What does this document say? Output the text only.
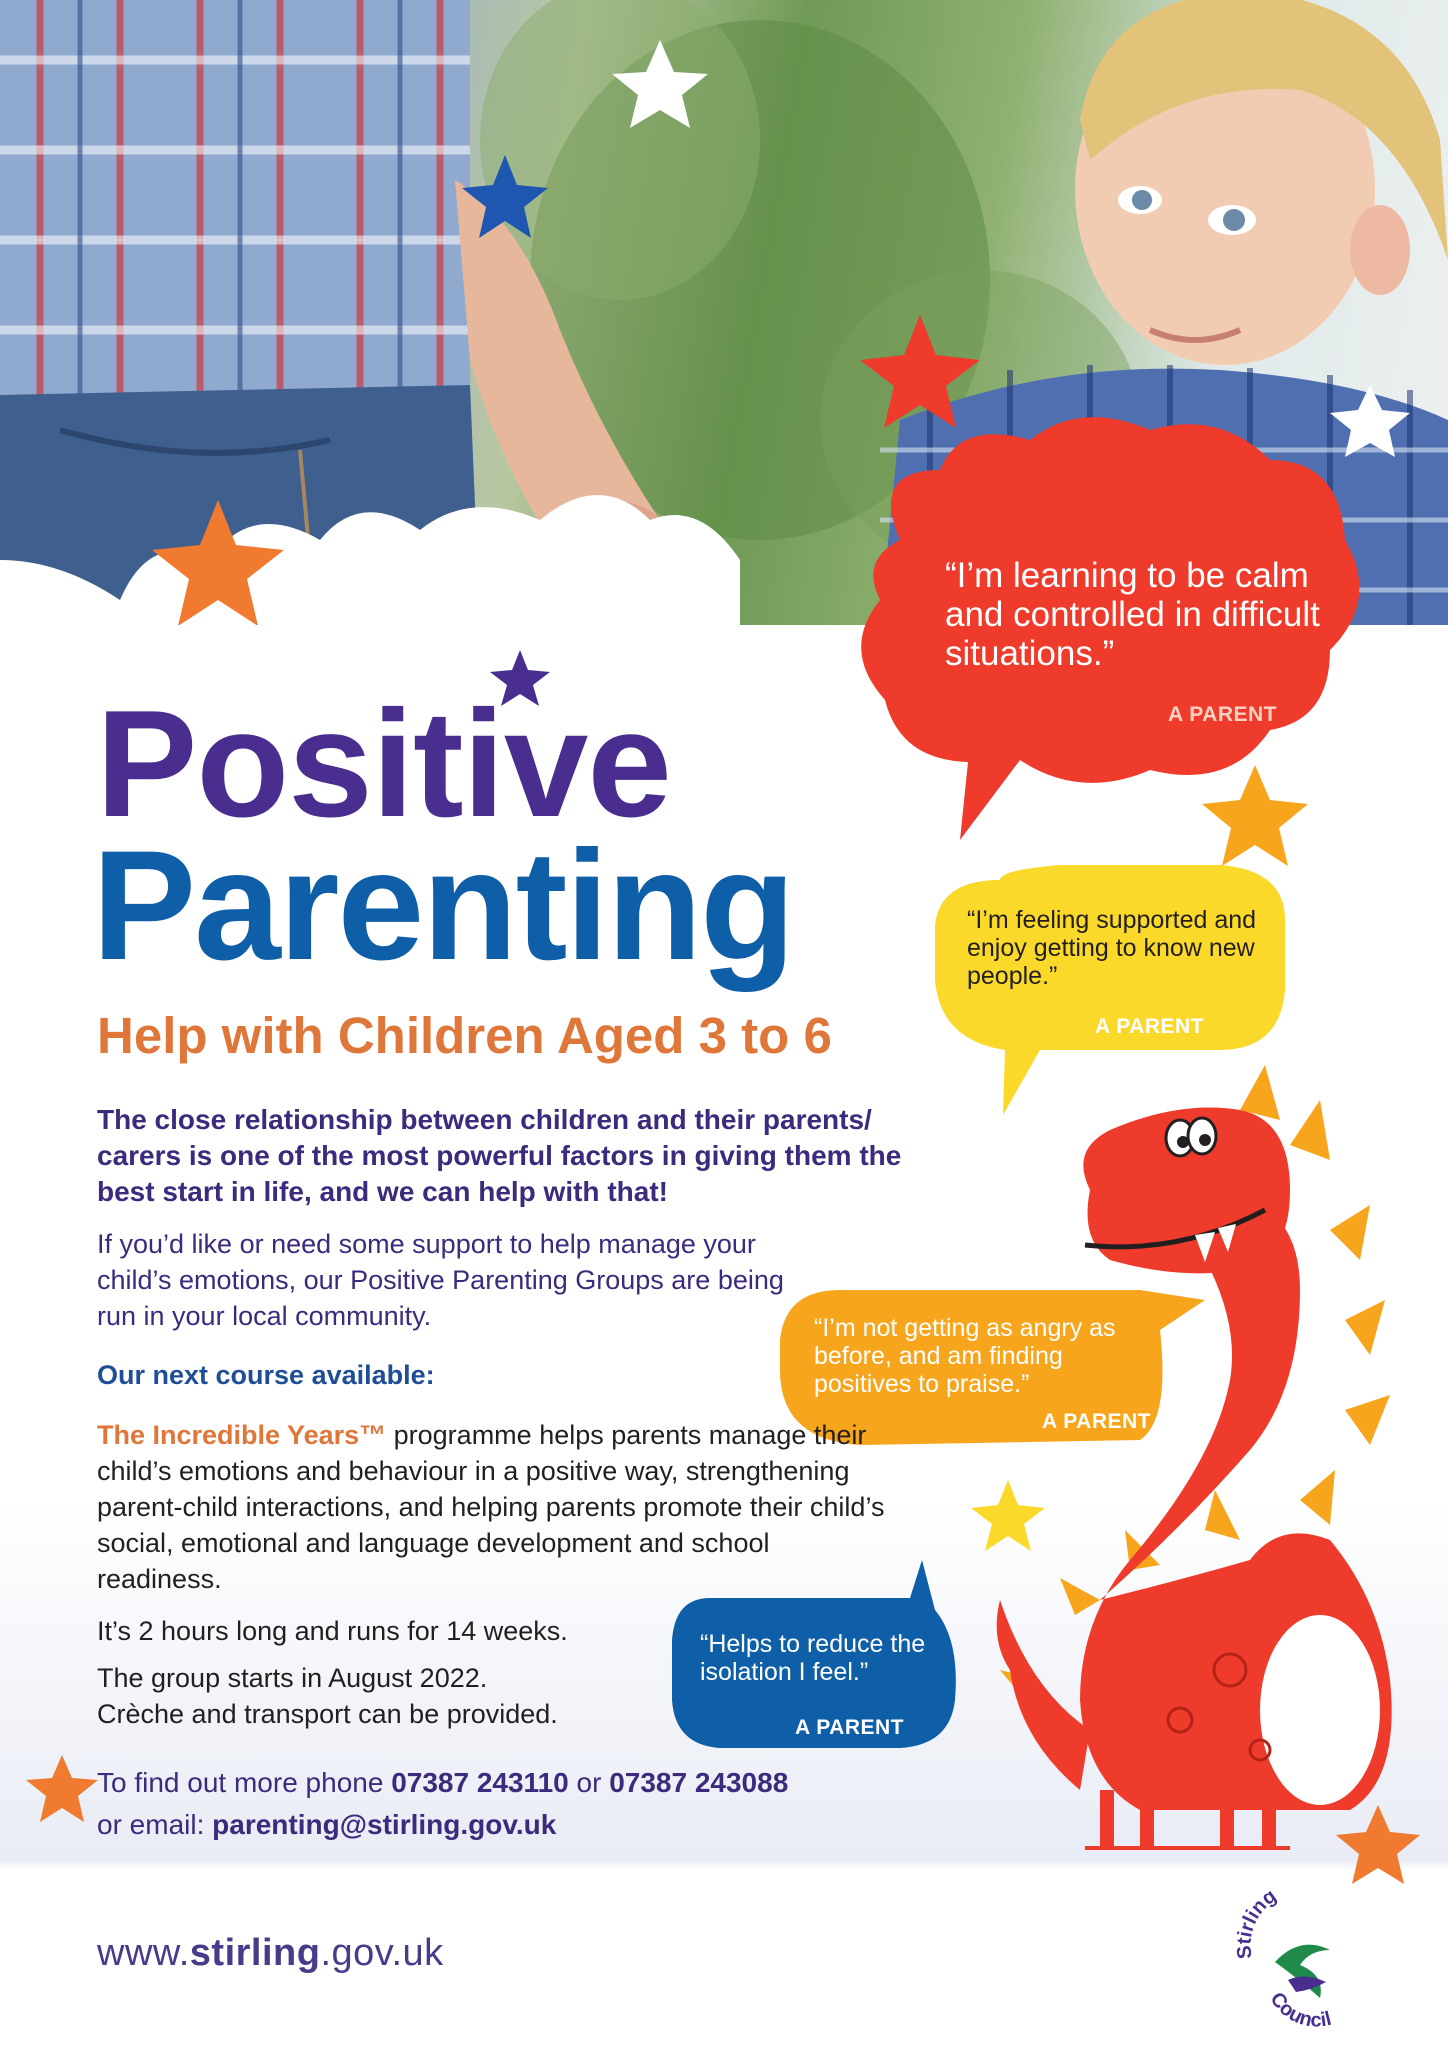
Positive
Parenting
Help with Children Aged 3 to 6
The close relationship between children and their parents/ carers is one of the most powerful factors in giving them the best start in life, and we can help with that!
If you’d like or need some support to help manage your child’s emotions, our Positive Parenting Groups are being run in your local community.
Our next course available:
The Incredible Years™ programme helps parents manage their child’s emotions and behaviour in a positive way, strengthening parent-child interactions, and helping parents promote their child’s social, emotional and language development and school readiness.
It’s 2 hours long and runs for 14 weeks.
The group starts in August 2022.
Crèche and transport can be provided.
To find out more phone 07387 243110 or 07387 243088
or email: parenting@stirling.gov.uk
www.stirling.gov.uk
“I’m learning to be calm and controlled in difficult situations.”
A PARENT
“I’m feeling supported and enjoy getting to know new people.”
A PARENT
“I’m not getting as angry as before, and am finding positives to praise.”
A PARENT
“Helps to reduce the isolation I feel.”
A PARENT
Stirling
Council
